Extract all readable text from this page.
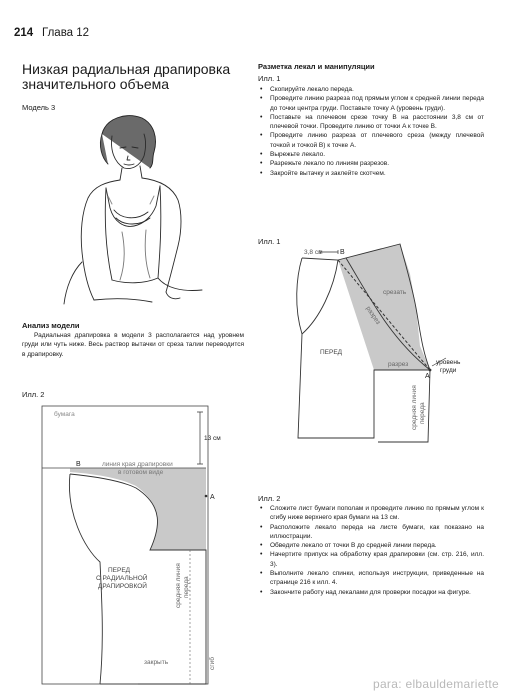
214 Глава 12
Низкая радиальная драпировка
значительного объема
Модель 3
Анализ модели
Радиальная драпировка в модели 3 располагается над уровнем груди или чуть ниже. Весь раствор вытачки от среза талии переводится в драпировку.
Разметка лекал и манипуляции
Илл. 1
• Скопируйте лекало переда.
• Проведите линию разреза под прямым углом к средней линии переда до точки центра груди. Поставьте точку A (уровень груди).
• Поставьте на плечевом срезе точку B на расстоянии 3,8 см от плечевой точки. Проведите линию от точки A к точке B.
• Проведите линию разреза от плечевого среза (между плечевой точкой и точкой B) к точке A.
• Вырежьте лекало.
• Разрежьте лекало по линиям разрезов.
• Закройте вытачку и заклейте скотчем.
Илл. 1
3,8 см B
A
срезать
разрез
разрез
ПЕРЕД
уровень
груди
средняя линия переда
Илл. 2
бумага
13 см
B
A
линия края драпировки
в готовом виде
ПЕРЕД
С РАДИАЛЬНОЙ
ДРАПИРОВКОЙ	средняя линия переда
сгиб
закрыть
Илл. 2
• Сложите лист бумаги пополам и проведите линию по прямым углом к сгибу ниже верхнего края бумаги на 13 см.
• Расположите лекало переда на листе бумаги, как показано на иллюстрации.
• Обведите лекало от точки B до средней линии переда.
• Начертите припуск на обработку края драпировки (см. стр. 216, илл. 3).
• Выполните лекало спинки, используя инструкции, приведенные на странице 216 к илл. 4.
• Закончите работу над лекалами для проверки посадки на фигуре.
para: elbauldemariette
